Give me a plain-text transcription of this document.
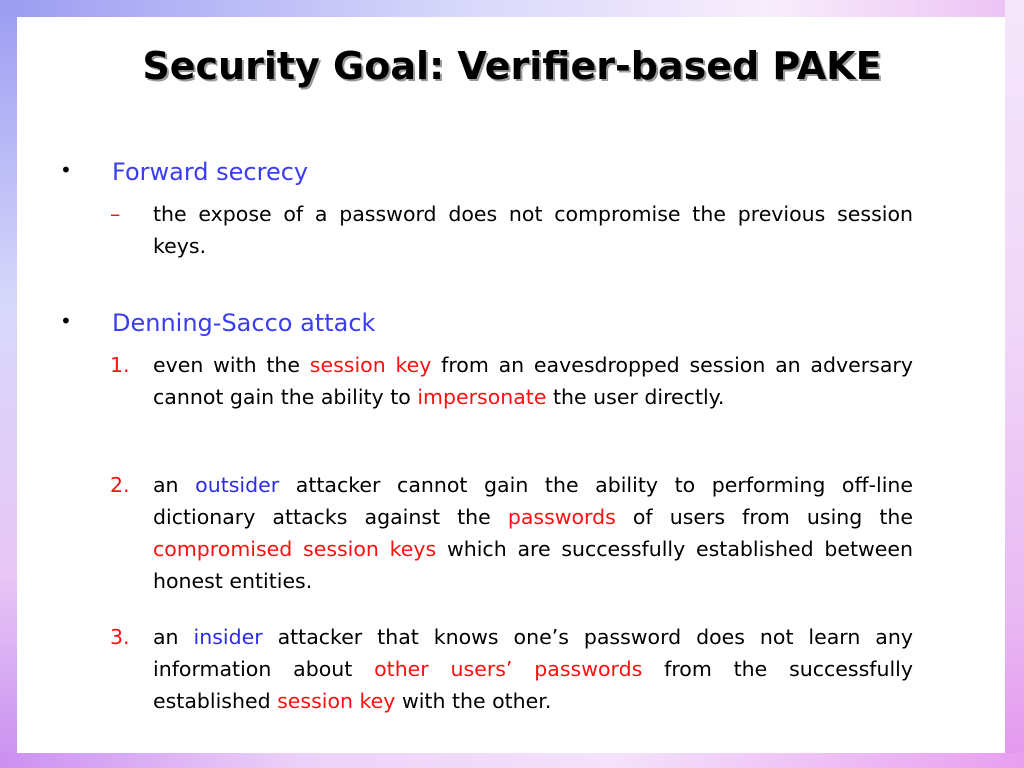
Security Goal: Verifier-based PAKE
• Forward secrecy
– the expose of a password does not compromise the previous session keys.
• Denning-Sacco attack
1. even with the session key from an eavesdropped session an adversary cannot gain the ability to impersonate the user directly.
2. an outsider attacker cannot gain the ability to performing off-line dictionary attacks against the passwords of users from using the compromised session keys which are successfully established between honest entities.
3. an insider attacker that knows one’s password does not learn any information about other users’ passwords from the successfully established session key with the other.
